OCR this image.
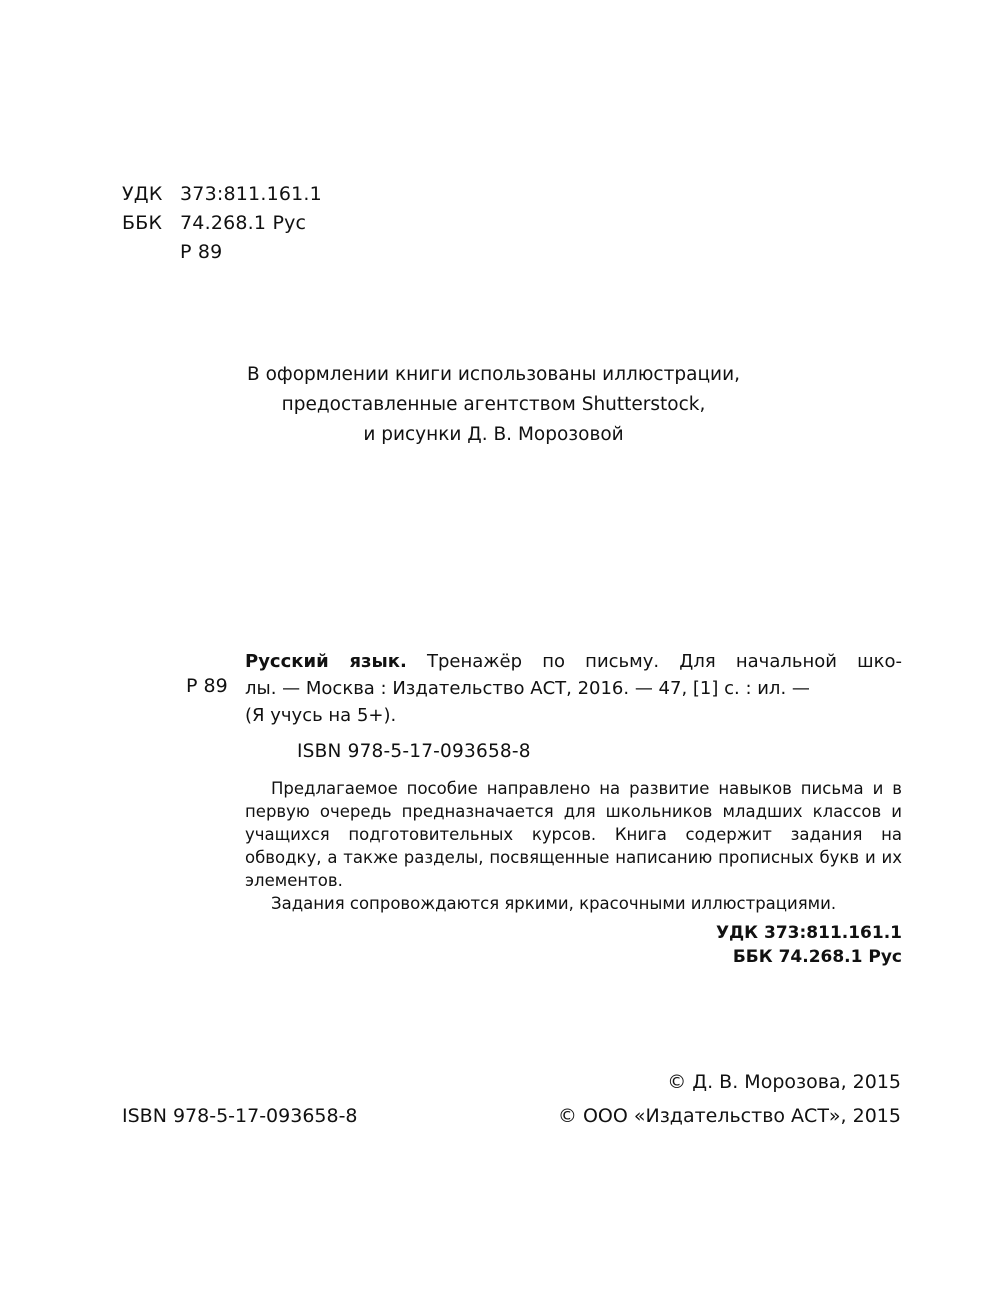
УДК 373:811.161.1
ББК 74.268.1 Рус
Р 89
В оформлении книги использованы иллюстрации,
предоставленные агентством Shutterstock,
и рисунки Д. В. Морозовой
Р 89
Русский язык. Тренажёр по письму. Для начальной шко-
лы. — Москва : Издательство АСТ, 2016. — 47, [1] с. : ил. —
(Я учусь на 5+).
ISBN 978-5-17-093658-8

Предлагаемое пособие направлено на развитие навыков письма и в первую очередь предназначается для школьников младших классов и учащихся подготовительных курсов. Книга содержит задания на обводку, а также разделы, посвященные написанию прописных букв и их элементов.

Задания сопровождаются яркими, красочными иллюстрациями.

УДК 373:811.161.1
ББК 74.268.1 Рус
© Д. В. Морозова, 2015
ISBN 978-5-17-093658-8	© ООО «Издательство АСТ», 2015
